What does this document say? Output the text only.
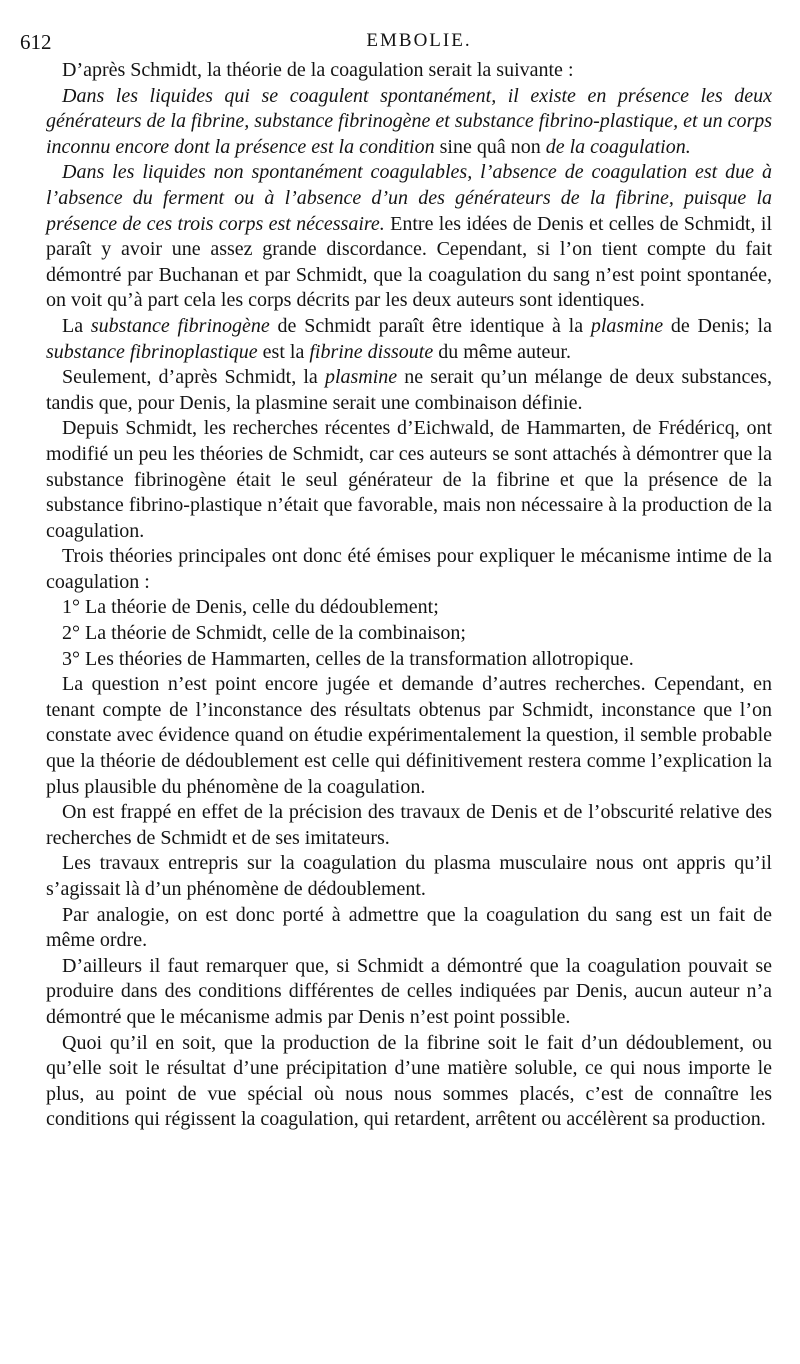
612	EMBOLIE.

D’après Schmidt, la théorie de la coagulation serait la suivante :

Dans les liquides qui se coagulent spontanément, il existe en présence les deux générateurs de la fibrine, substance fibrinogène et substance fibrino-plastique, et un corps inconnu encore dont la présence est la condition sine quâ non de la coagulation.

Dans les liquides non spontanément coagulables, l’absence de coagulation est due à l’absence du ferment ou à l’absence d’un des générateurs de la fibrine, puisque la présence de ces trois corps est nécessaire. Entre les idées de Denis et celles de Schmidt, il paraît y avoir une assez grande discordance. Cependant, si l’on tient compte du fait démontré par Buchanan et par Schmidt, que la coagulation du sang n’est point spontanée, on voit qu’à part cela les corps décrits par les deux auteurs sont identiques.

La substance fibrinogène de Schmidt paraît être identique à la plasmine de Denis; la substance fibrinoplastique est la fibrine dissoute du même auteur.

Seulement, d’après Schmidt, la plasmine ne serait qu’un mélange de deux substances, tandis que, pour Denis, la plasmine serait une combinaison définie.

Depuis Schmidt, les recherches récentes d’Eichwald, de Hammarten, de Frédéricq, ont modifié un peu les théories de Schmidt, car ces auteurs se sont attachés à démontrer que la substance fibrinogène était le seul générateur de la fibrine et que la présence de la substance fibrino-plastique n’était que favorable, mais non nécessaire à la production de la coagulation.

Trois théories principales ont donc été émises pour expliquer le mécanisme intime de la coagulation :

1° La théorie de Denis, celle du dédoublement;

2° La théorie de Schmidt, celle de la combinaison;

3° Les théories de Hammarten, celles de la transformation allotropique.

La question n’est point encore jugée et demande d’autres recherches. Cependant, en tenant compte de l’inconstance des résultats obtenus par Schmidt, inconstance que l’on constate avec évidence quand on étudie expérimentalement la question, il semble probable que la théorie de dédoublement est celle qui définitivement restera comme l’explication la plus plausible du phénomène de la coagulation.

On est frappé en effet de la précision des travaux de Denis et de l’obscurité relative des recherches de Schmidt et de ses imitateurs.

Les travaux entrepris sur la coagulation du plasma musculaire nous ont appris qu’il s’agissait là d’un phénomène de dédoublement.

Par analogie, on est donc porté à admettre que la coagulation du sang est un fait de même ordre.

D’ailleurs il faut remarquer que, si Schmidt a démontré que la coagulation pouvait se produire dans des conditions différentes de celles indiquées par Denis, aucun auteur n’a démontré que le mécanisme admis par Denis n’est point possible.

Quoi qu’il en soit, que la production de la fibrine soit le fait d’un dédoublement, ou qu’elle soit le résultat d’une précipitation d’une matière soluble, ce qui nous importe le plus, au point de vue spécial où nous nous sommes placés, c’est de connaître les conditions qui régissent la coagulation, qui retardent, arrêtent ou accélèrent sa production.
